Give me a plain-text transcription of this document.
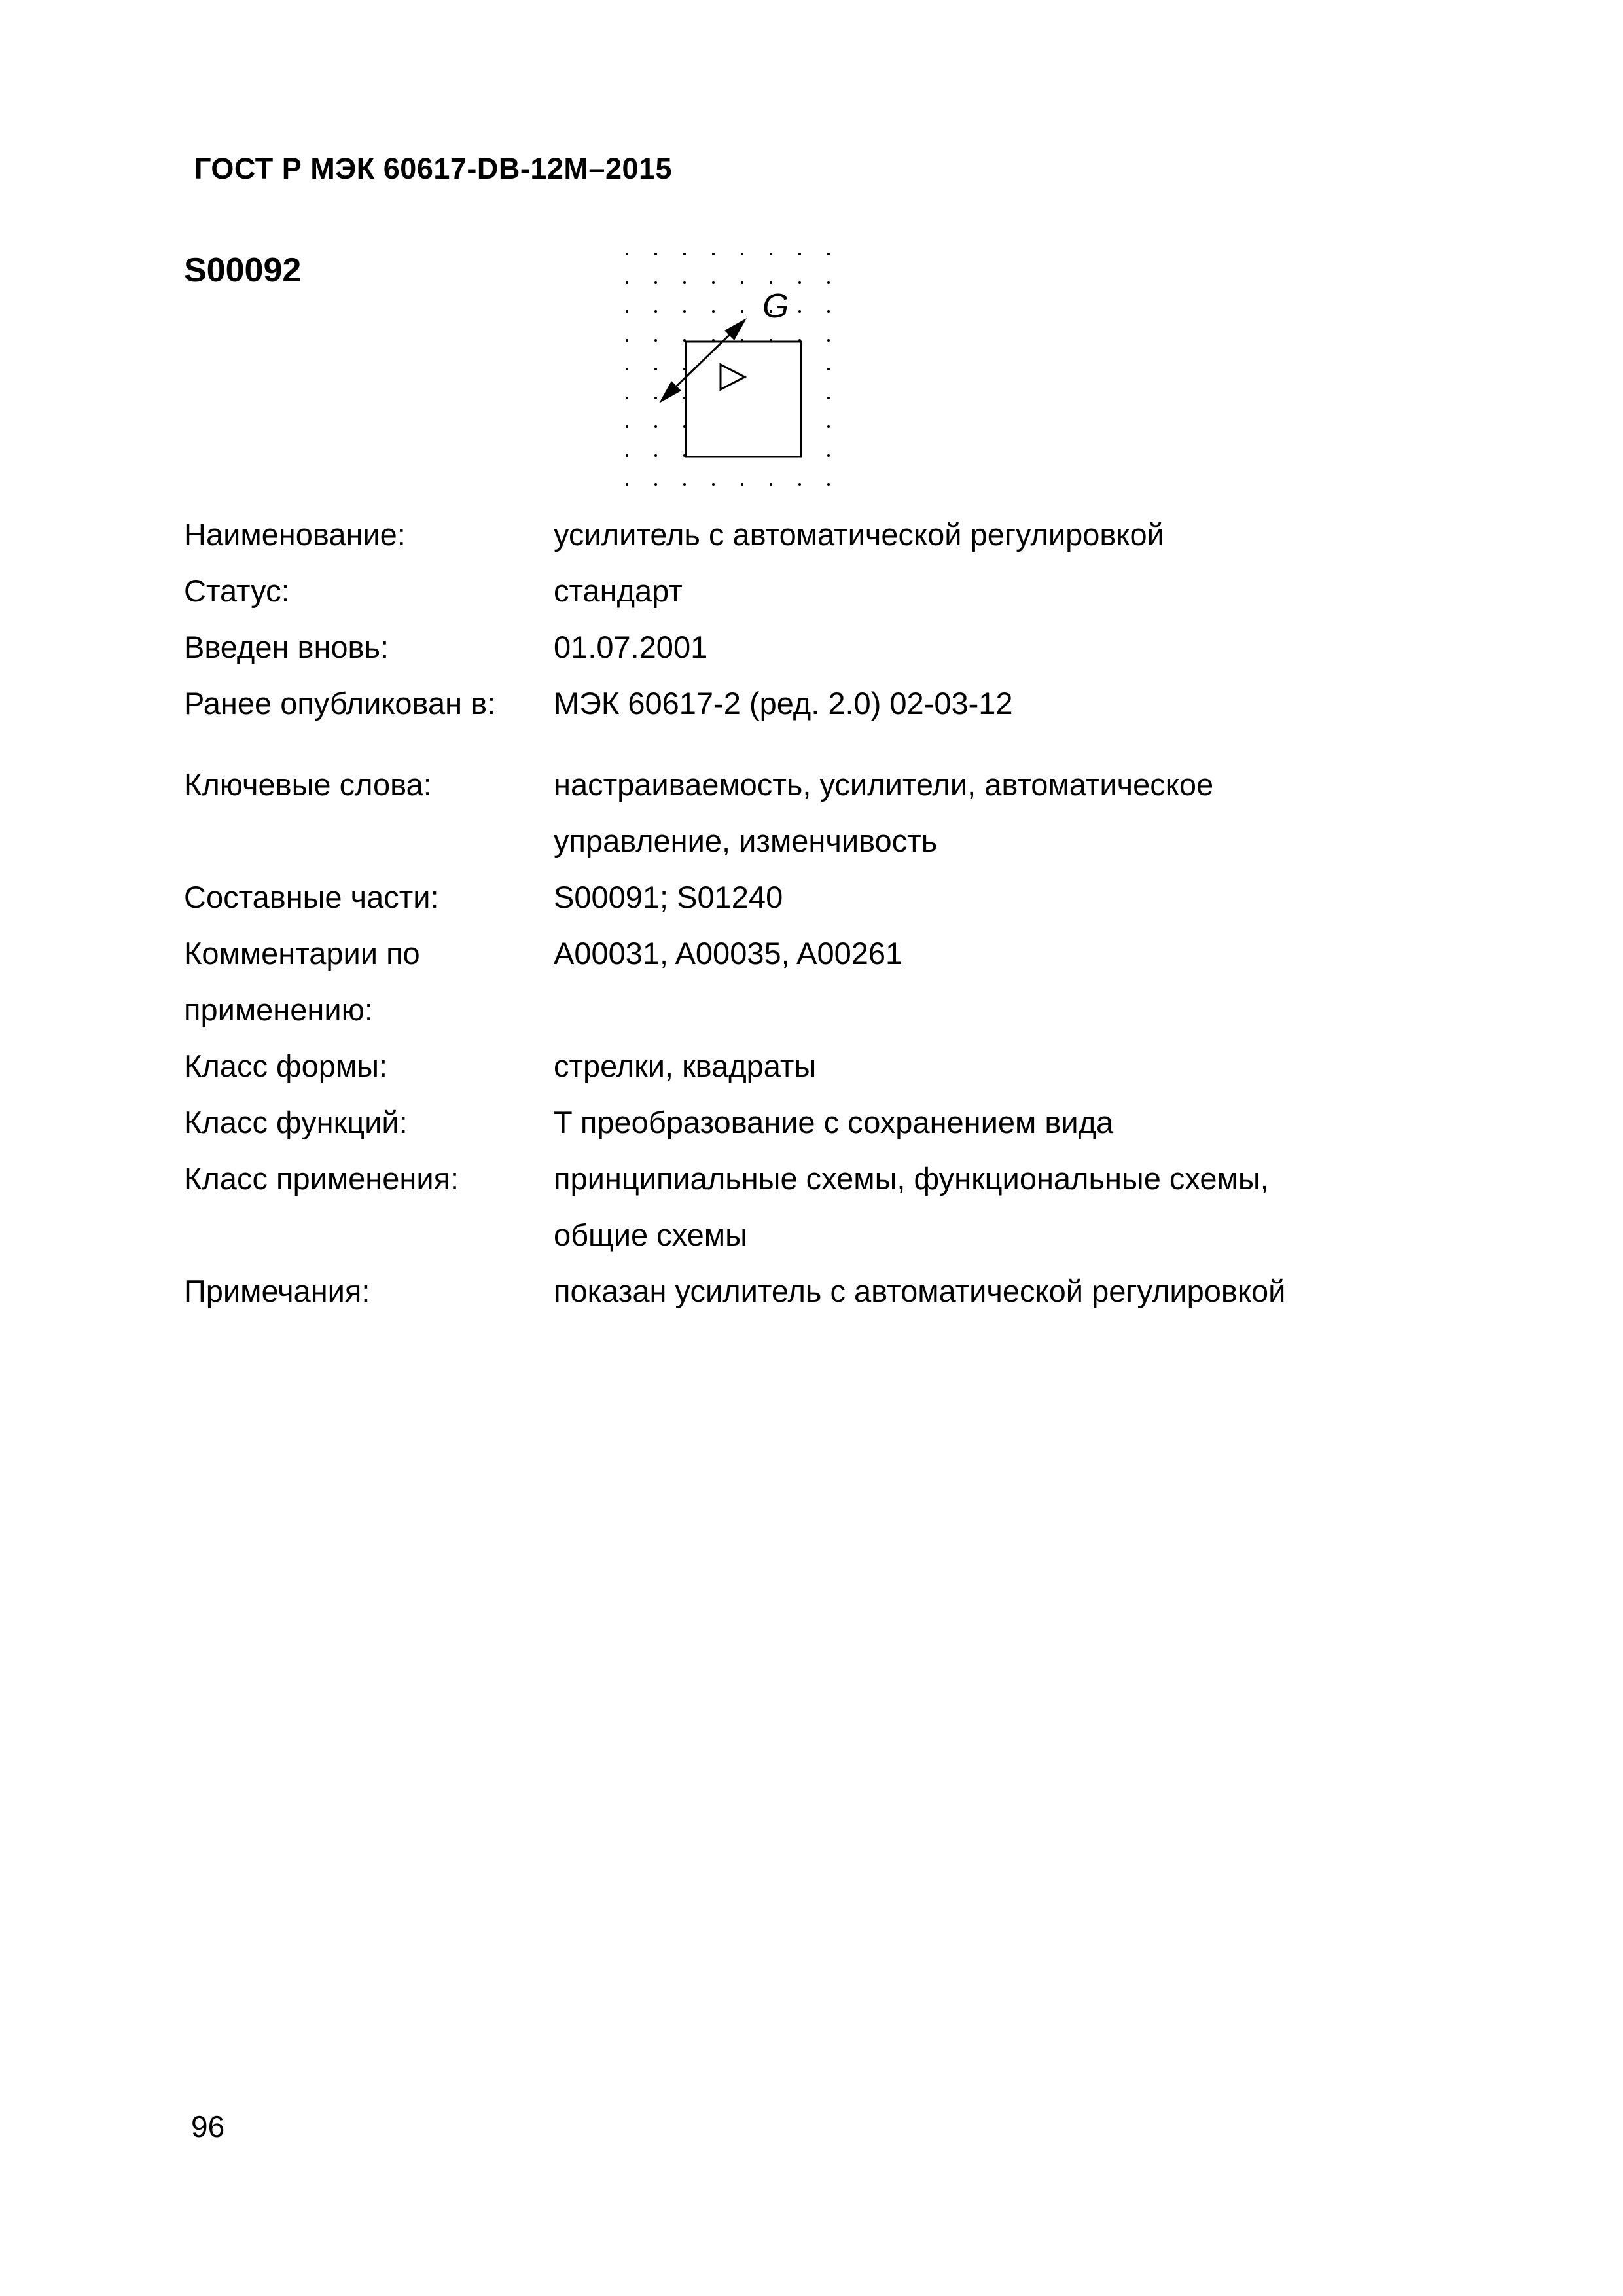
ГОСТ Р МЭК 60617-DB-12M–2015
S00092
G
Наименование:	усилитель с автоматической регулировкой
Статус:	стандарт
Введен вновь:	01.07.2001
Ранее опубликован в:	МЭК 60617-2 (ред. 2.0) 02-03-12
Ключевые слова:	настраиваемость, усилители, автоматическое управление, изменчивость
Составные части:	S00091; S01240
Комментарии по применению:
A00031, A00035, A00261
Класс формы:	стрелки, квадраты
Класс функций:	T преобразование с сохранением вида
Класс применения:	принципиальные схемы, функциональные схемы, общие схемы
Примечания:	показан усилитель с автоматической регулировкой
96
